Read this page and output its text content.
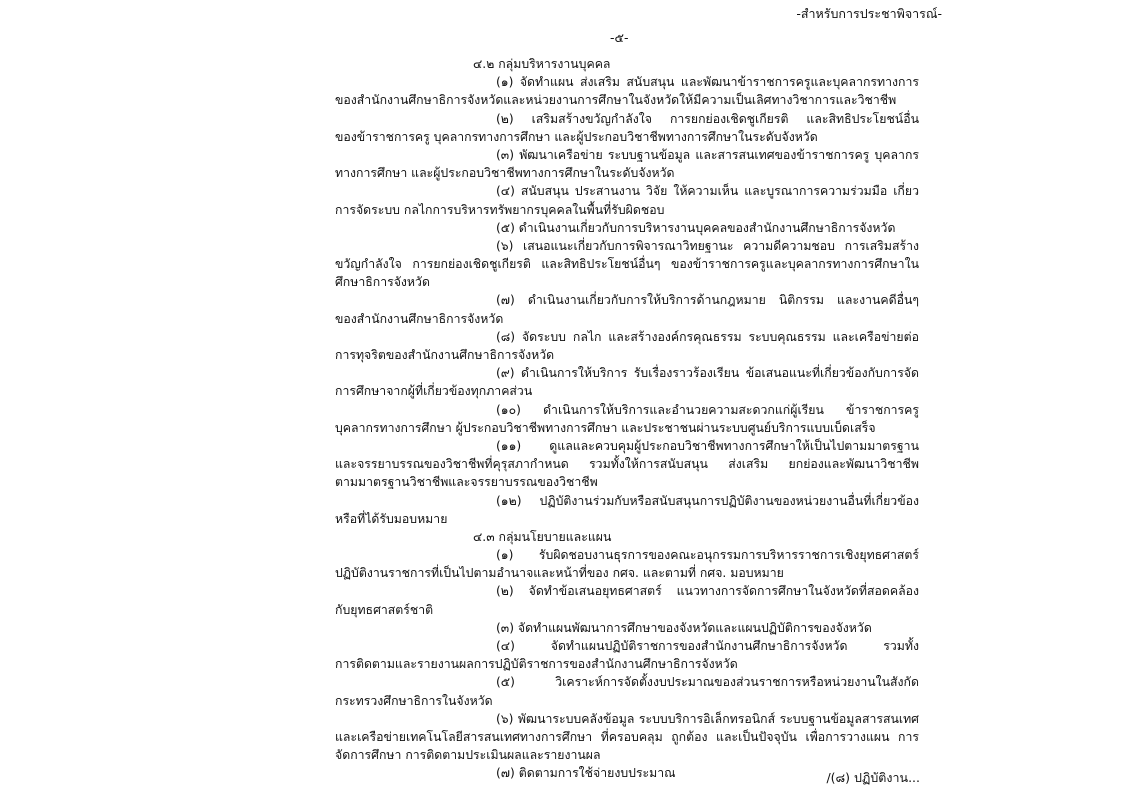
-สำหรับการประชาพิจารณ์-
-๕-
๔.๒ กลุ่มบริหารงานบุคคล
(๑) จัดทำแผน ส่งเสริม สนับสนุน และพัฒนาข้าราชการครูและบุคลากรทางการ
ของสำนักงานศึกษาธิการจังหวัดและหน่วยงานการศึกษาในจังหวัดให้มีความเป็นเลิศทางวิชาการและวิชาชีพ
(๒) เสริมสร้างขวัญกำลังใจ การยกย่องเชิดชูเกียรติ และสิทธิประโยชน์อื่น
ของข้าราชการครู บุคลากรทางการศึกษา และผู้ประกอบวิชาชีพทางการศึกษาในระดับจังหวัด
(๓) พัฒนาเครือข่าย ระบบฐานข้อมูล และสารสนเทศของข้าราชการครู บุคลากร
ทางการศึกษา และผู้ประกอบวิชาชีพทางการศึกษาในระดับจังหวัด
(๔) สนับสนุน ประสานงาน วิจัย ให้ความเห็น และบูรณาการความร่วมมือ เกี่ยว
การจัดระบบ กลไกการบริหารทรัพยากรบุคคลในพื้นที่รับผิดชอบ
(๕) ดำเนินงานเกี่ยวกับการบริหารงานบุคคลของสำนักงานศึกษาธิการจังหวัด
(๖) เสนอแนะเกี่ยวกับการพิจารณาวิทยฐานะ ความดีความชอบ การเสริมสร้าง
ขวัญกำลังใจ การยกย่องเชิดชูเกียรติ และสิทธิประโยชน์อื่นๆ ของข้าราชการครูและบุคลากรทางการศึกษาใน
ศึกษาธิการจังหวัด
(๗) ดำเนินงานเกี่ยวกับการให้บริการด้านกฎหมาย นิติกรรม และงานคดีอื่นๆ
ของสำนักงานศึกษาธิการจังหวัด
(๘) จัดระบบ กลไก และสร้างองค์กรคุณธรรม ระบบคุณธรรม และเครือข่ายต่อ
การทุจริตของสำนักงานศึกษาธิการจังหวัด
(๙) ดำเนินการให้บริการ รับเรื่องราวร้องเรียน ข้อเสนอแนะที่เกี่ยวข้องกับการจัด
การศึกษาจากผู้ที่เกี่ยวข้องทุกภาคส่วน
(๑๐) ดำเนินการให้บริการและอำนวยความสะดวกแก่ผู้เรียน ข้าราชการครู
บุคลากรทางการศึกษา ผู้ประกอบวิชาชีพทางการศึกษา และประชาชนผ่านระบบศูนย์บริการแบบเบ็ดเสร็จ
(๑๑) ดูแลและควบคุมผู้ประกอบวิชาชีพทางการศึกษาให้เป็นไปตามมาตรฐาน
และจรรยาบรรณของวิชาชีพที่คุรุสภากำหนด รวมทั้งให้การสนับสนุน ส่งเสริม ยกย่องและพัฒนาวิชาชีพ
ตามมาตรฐานวิชาชีพและจรรยาบรรณของวิชาชีพ
(๑๒) ปฏิบัติงานร่วมกับหรือสนับสนุนการปฏิบัติงานของหน่วยงานอื่นที่เกี่ยวข้อง
หรือที่ได้รับมอบหมาย
๔.๓ กลุ่มนโยบายและแผน
(๑) รับผิดชอบงานธุรการของคณะอนุกรรมการบริหารราชการเชิงยุทธศาสตร์
ปฏิบัติงานราชการที่เป็นไปตามอำนาจและหน้าที่ของ กศจ. และตามที่ กศจ. มอบหมาย
(๒) จัดทำข้อเสนอยุทธศาสตร์ แนวทางการจัดการศึกษาในจังหวัดที่สอดคล้อง
กับยุทธศาสตร์ชาติ
(๓) จัดทำแผนพัฒนาการศึกษาของจังหวัดและแผนปฏิบัติการของจังหวัด
(๔) จัดทำแผนปฏิบัติราชการของสำนักงานศึกษาธิการจังหวัด รวมทั้ง
การติดตามและรายงานผลการปฏิบัติราชการของสำนักงานศึกษาธิการจังหวัด
(๕) วิเคราะห์การจัดตั้งงบประมาณของส่วนราชการหรือหน่วยงานในสังกัด
กระทรวงศึกษาธิการในจังหวัด
(๖) พัฒนาระบบคลังข้อมูล ระบบบริการอิเล็กทรอนิกส์ ระบบฐานข้อมูลสารสนเทศ
และเครือข่ายเทคโนโลยีสารสนเทศทางการศึกษา ที่ครอบคลุม ถูกต้อง และเป็นปัจจุบัน เพื่อการวางแผน การ
จัดการศึกษา การติดตามประเมินผลและรายงานผล
(๗) ติดตามการใช้จ่ายงบประมาณ	/(๘) ปฏิบัติงาน...
